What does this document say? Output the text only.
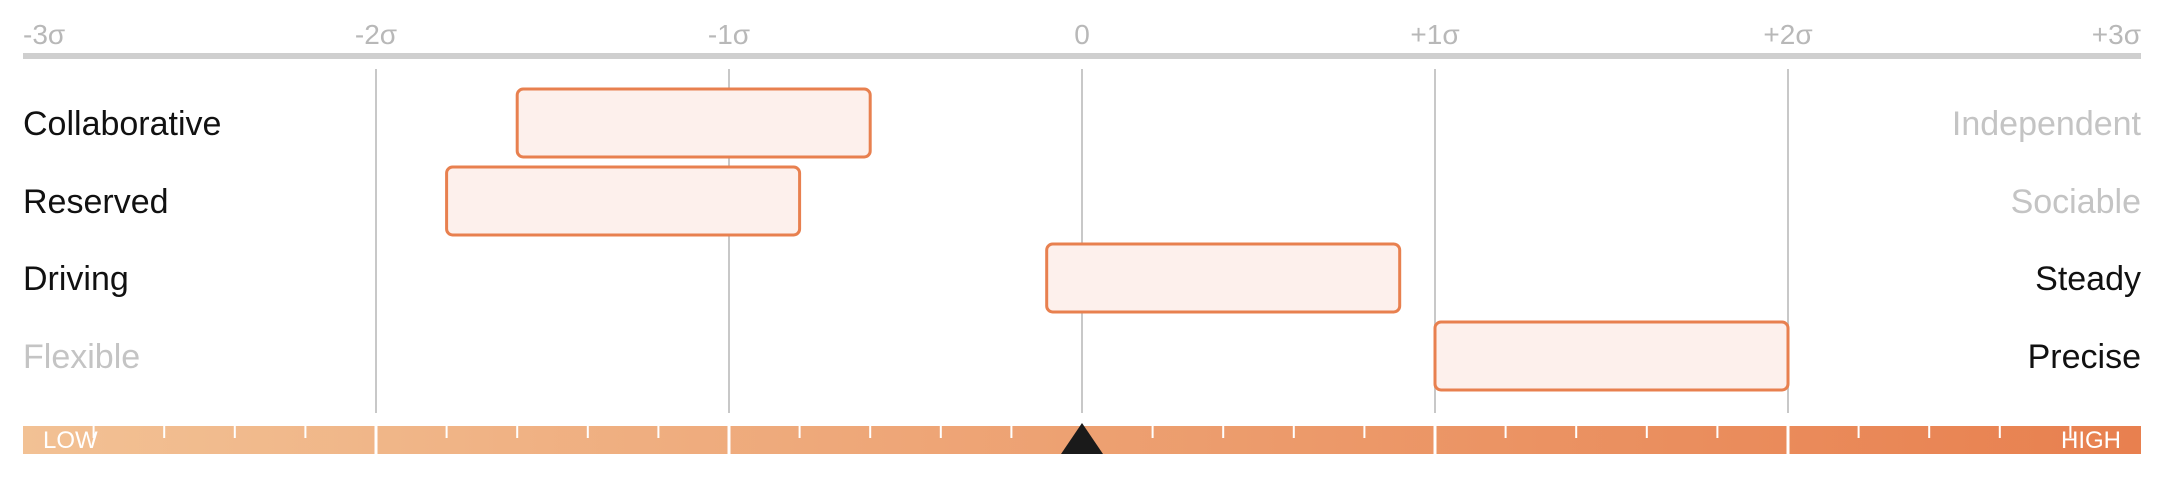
-3σ	-2σ	-1σ	0	+1σ	+2σ	+3σ
Collaborative	Independent
Reserved	Sociable
Driving	Steady
Flexible	Precise
LOW	HIGH
